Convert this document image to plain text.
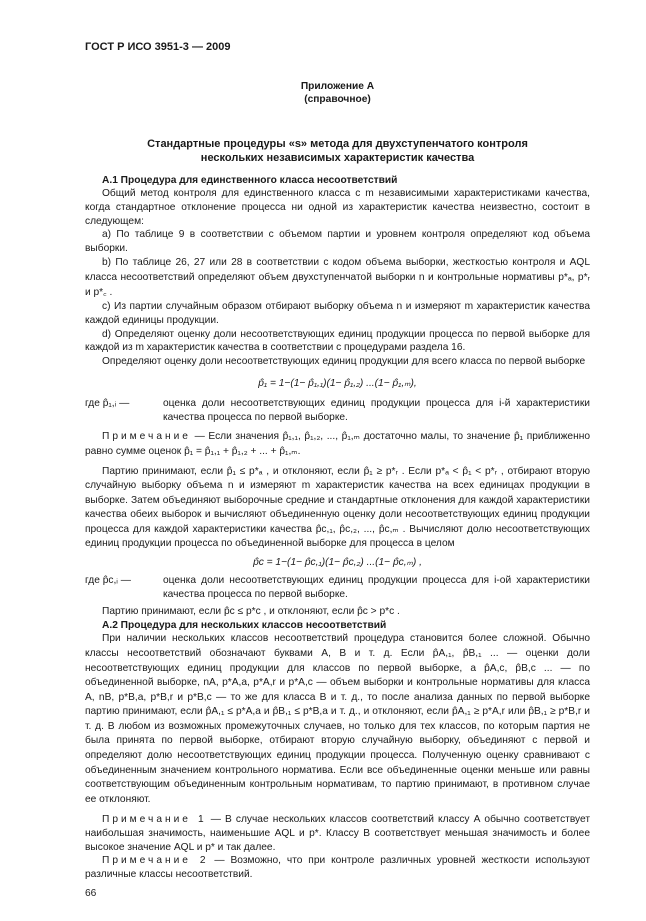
ГОСТ Р ИСО 3951-3 — 2009
Приложение А
(справочное)
Стандартные процедуры «s» метода для двухступенчатого контроля
нескольких независимых характеристик качества
А.1 Процедура для единственного класса несоответствий
Общий метод контроля для единственного класса с m независимыми характеристиками качества, когда стандартное отклонение процесса ни одной из характеристик качества неизвестно, состоит в следующем:
a) По таблице 9 в соответствии с объемом партии и уровнем контроля определяют код объема выборки.
b) По таблице 26, 27 или 28 в соответствии с кодом объема выборки, жесткостью контроля и AQL класса несоответствий определяют объем двухступенчатой выборки n и контрольные нормативы p*ₐ, p*ᵣ и p*꜀ .
c) Из партии случайным образом отбирают выборку объема n и измеряют m характеристик качества каждой единицы продукции.
d) Определяют оценку доли несоответствующих единиц продукции процесса по первой выборке для каждой из m характеристик качества в соответствии с процедурами раздела 16.
Определяют оценку доли несоответствующих единиц продукции для всего класса по первой выборке
p̂₁ = 1−(1− p̂₁,₁)(1− p̂₁,₂) ...(1− p̂₁,ₘ),
где p̂₁,ᵢ —	оценка доли несоответствующих единиц продукции процесса для i-й характеристики качества процесса по первой выборке.
Примечание — Если значения p̂₁,₁, p̂₁,₂, ..., p̂₁,ₘ достаточно малы, то значение p̂₁ приближенно равно сумме оценок p̂₁ = p̂₁,₁ + p̂₁,₂ + ... + p̂₁,ₘ.
Партию принимают, если p̂₁ ≤ p*ₐ , и отклоняют, если p̂₁ ≥ p*ᵣ . Если p*ₐ < p̂₁ < p*ᵣ , отбирают вторую случайную выборку объема n и измеряют m характеристик качества на всех единицах продукции в выборке. Затем объединяют выборочные средние и стандартные отклонения для каждой характеристики качества обеих выборок и вычисляют объединенную оценку доли несоответствующих единиц продукции процесса для каждой характеристики качества p̂c,₁, p̂c,₂, ..., p̂c,ₘ . Вычисляют долю несоответствующих единиц продукции процесса по объединенной выборке для процесса в целом
p̂c = 1−(1− p̂c,₁)(1− p̂c,₂) ...(1− p̂c,ₘ) ,
где p̂c,ᵢ —	оценка доли несоответствующих единиц продукции процесса для i-ой характеристики качества процесса по первой выборке.
Партию принимают, если p̂c ≤ p*c , и отклоняют, если p̂c > p*c .
А.2 Процедура для нескольких классов несоответствий
При наличии нескольких классов несоответствий процедура становится более сложной. Обычно классы несоответствий обозначают буквами А, В и т. д. Если p̂A,₁, p̂B,₁ ... — оценки доли несоответствующих единиц продукции для классов по первой выборке, а p̂A,c, p̂B,c ... — по объединенной выборке, nA, p*A,a, p*A,r и p*A,c — объем выборки и контрольные нормативы для класса А, nB, p*B,a, p*B,r и p*B,c — то же для класса В и т. д., то после анализа данных по первой выборке партию принимают, если p̂A,₁ ≤ p*A,a и p̂B,₁ ≤ p*B,a и т. д., и отклоняют, если p̂A,₁ ≥ p*A,r или p̂B,₁ ≥ p*B,r и т. д. В любом из возможных промежуточных случаев, но только для тех классов, по которым партия не была принята по первой выборке, отбирают вторую случайную выборку, объединяют с первой и определяют долю несоответствующих единиц продукции процесса. Полученную оценку сравнивают с объединенным значением контрольного норматива. Если все объединенные оценки меньше или равны соответствующим объединенным контрольным нормативам, то партию принимают, в противном случае ее отклоняют.
Примечание 1 — В случае нескольких классов соответствий классу А обычно соответствует наибольшая значимость, наименьшие AQL и p*. Классу В соответствует меньшая значимость и более высокое значение AQL и p* и так далее.
Примечание 2 — Возможно, что при контроле различных уровней жесткости используют различные классы несоответствий.
66
